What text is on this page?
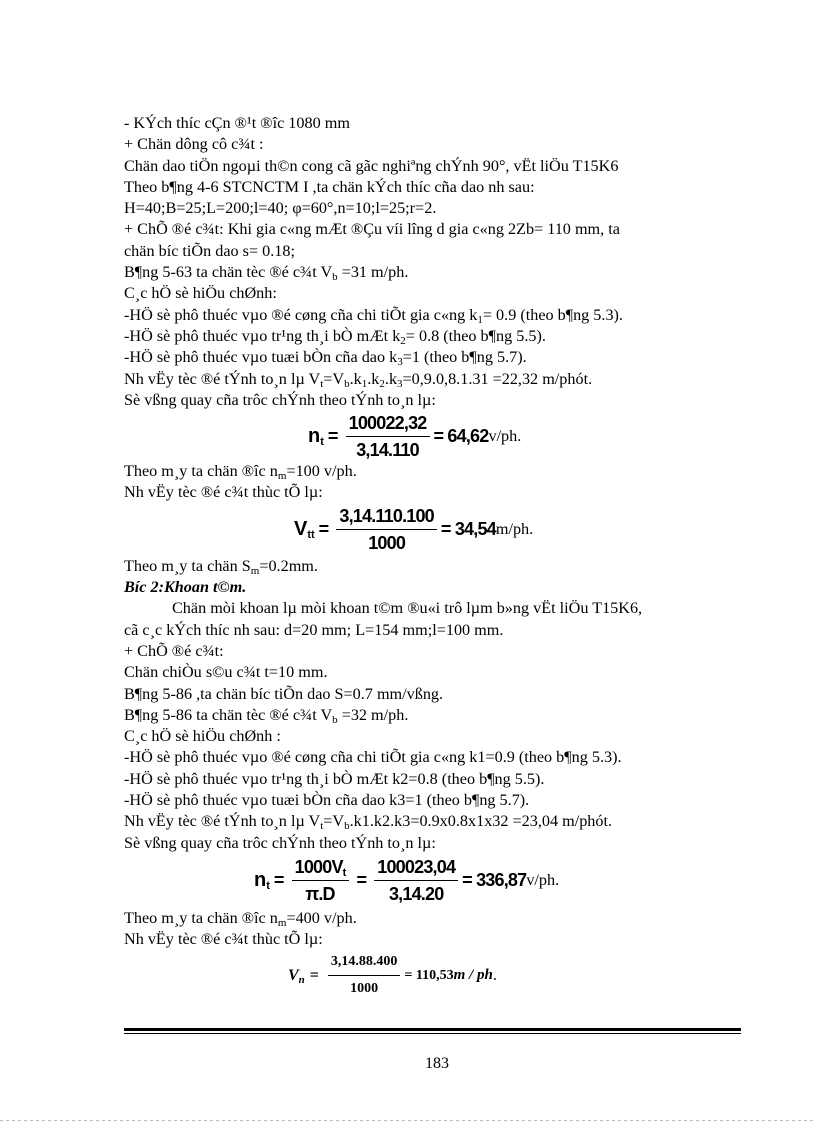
- KÝch thíc cÇn ®¹t ®îc 1080 mm
+ Chän dông cô c¾t :
Chän dao tiÖn ngoµi th©n cong cã gãc nghiªng chÝnh 90°, vËt liÖu T15K6
Theo b¶ng 4-6 STCNCTM I ,ta chän kÝch thíc cña dao nh sau:
H=40;B=25;L=200;l=40; φ=60°,n=10;l=25;r=2.
+ ChÕ ®é c¾t: Khi gia c«ng mÆt ®Çu víi lîng d gia c«ng 2Zb= 110 mm, ta
chän bíc tiÕn dao s= 0.18;
B¶ng 5-63 ta chän tèc ®é c¾t $V_b =31$ m/ph.
C¸c hÖ sè hiÖu chØnh:
-HÖ sè phô thuéc vµo ®é cøng cña chi tiÕt gia c«ng $k_1= 0.9$ (theo b¶ng 5.3).
-HÖ sè phô thuéc vµo tr¹ng th¸i bÒ mÆt $k_2= 0.8$ (theo b¶ng 5.5).
-HÖ sè phô thuéc vµo tuæi bÒn cña dao $k_3=1$ (theo b¶ng 5.7).
Nh vËy tèc ®é tÝnh to¸n lµ $V_t=V_b.k_1.k_2.k_3=0,9.0,8.1.31 =22,32$ m/phót.
Sè vßng quay cña trôc chÝnh theo tÝnh to¸n lµ:
$n_t = \frac{100022,32}{3,14.110} = 64,62$ v/ph.
Theo m¸y ta chän ®îc $n_m=100$ v/ph.
Nh vËy tèc ®é c¾t thùc tÕ lµ:
$V_{tt} = \frac{3,14.110.100}{1000} = 34,54$ m/ph.
Theo m¸y ta chän $S_m=0.2mm$.
Bíc 2:Khoan t©m.
Chän mòi khoan lµ mòi khoan t©m ®u«i trô lµm b»ng vËt liÖu T15K6,
cã c¸c kÝch thíc nh sau: d=20 mm; L=154 mm;l=100 mm.
+ ChÕ ®é c¾t:
Chän chiÒu s©u c¾t t=10 mm.
B¶ng 5-86 ,ta chän bíc tiÕn dao S=0.7 mm/vßng.
B¶ng 5-86 ta chän tèc ®é c¾t $V_b =32$ m/ph.
C¸c hÖ sè hiÖu chØnh :
-HÖ sè phô thuéc vµo ®é cøng cña chi tiÕt gia c«ng k1=0.9 (theo b¶ng 5.3).
-HÖ sè phô thuéc vµo tr¹ng th¸i bÒ mÆt k2=0.8 (theo b¶ng 5.5).
-HÖ sè phô thuéc vµo tuæi bÒn cña dao k3=1 (theo b¶ng 5.7).
Nh vËy tèc ®é tÝnh to¸n lµ $V_t=V_b.k1.k2.k3=0.9x0.8x1x32 =23,04$ m/phót.
Sè vßng quay cña trôc chÝnh theo tÝnh to¸n lµ:
$n_t = \frac{1000V_t}{\pi.D} = \frac{100023,04}{3,14.20} = 336,87$ v/ph.
Theo m¸y ta chän ®îc $n_m=400$ v/ph.
Nh vËy tèc ®é c¾t thùc tÕ lµ:
$V_n = \frac{3,14.88.400}{1000} = 110,53$ m / ph .
183
